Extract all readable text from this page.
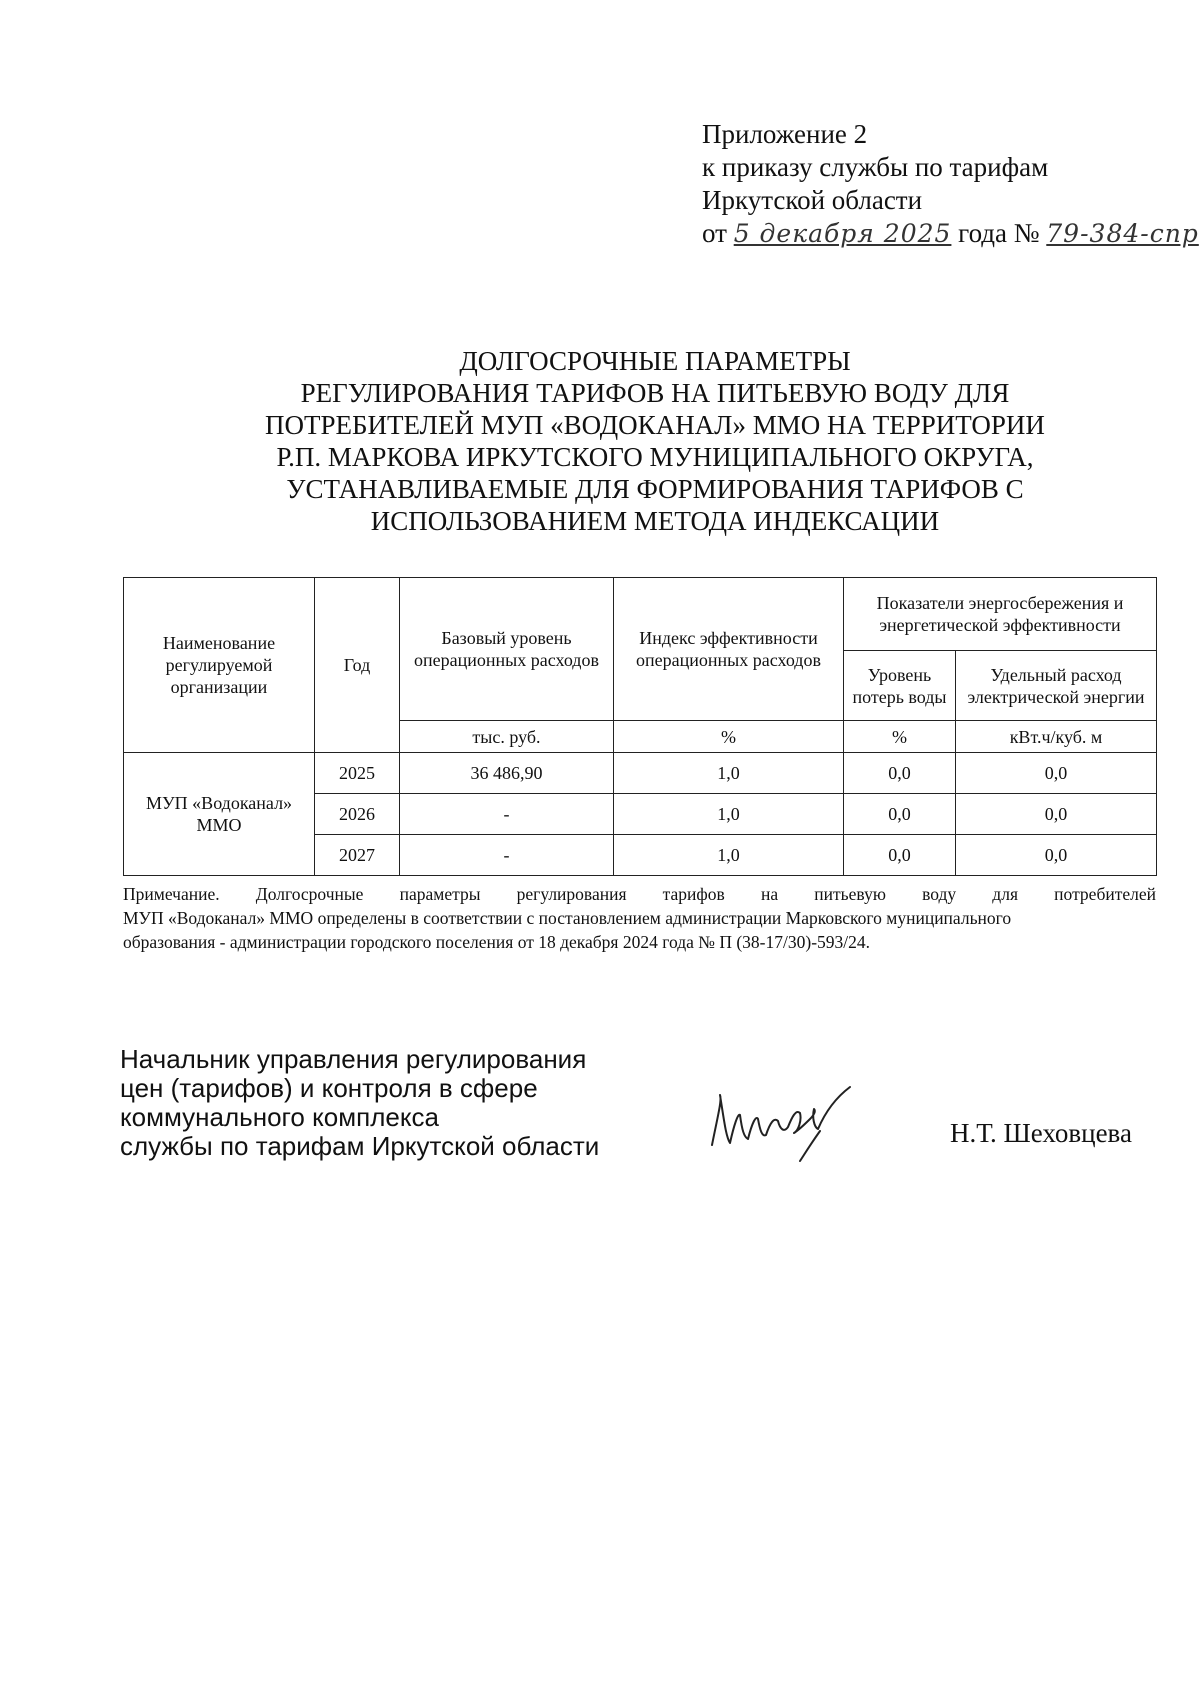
Приложение 2
к приказу службы по тарифам
Иркутской области
от 5 декабря 2025 года № 79-384-спр
ДОЛГОСРОЧНЫЕ ПАРАМЕТРЫ
РЕГУЛИРОВАНИЯ ТАРИФОВ НА ПИТЬЕВУЮ ВОДУ ДЛЯ
ПОТРЕБИТЕЛЕЙ МУП «ВОДОКАНАЛ» ММО НА ТЕРРИТОРИИ
Р.П. МАРКОВА ИРКУТСКОГО МУНИЦИПАЛЬНОГО ОКРУГА,
УСТАНАВЛИВАЕМЫЕ ДЛЯ ФОРМИРОВАНИЯ ТАРИФОВ С
ИСПОЛЬЗОВАНИЕМ МЕТОДА ИНДЕКСАЦИИ
Наименование регулируемой организации	Год	Базовый уровень операционных расходов	Индекс эффективности операционных расходов	Показатели энергосбережения и энергетической эффективности	
				Уровень потерь воды	Удельный расход электрической энергии
		тыс. руб.	%	%	кВт.ч/куб. м
МУП «Водоканал» ММО	2025	36 486,90	1,0	0,0	0,0
	2026	-	1,0	0,0	0,0
	2027	-	1,0	0,0	0,0
Примечание. Долгосрочные параметры регулирования тарифов на питьевую воду для потребителей
МУП «Водоканал» ММО определены в соответствии с постановлением администрации Марковского муниципального
образования - администрации городского поселения от 18 декабря 2024 года № П (38-17/30)-593/24.
Начальник управления регулирования
цен (тарифов) и контроля в сфере
коммунального комплекса
службы по тарифам Иркутской области	Н.Т. Шеховцева
